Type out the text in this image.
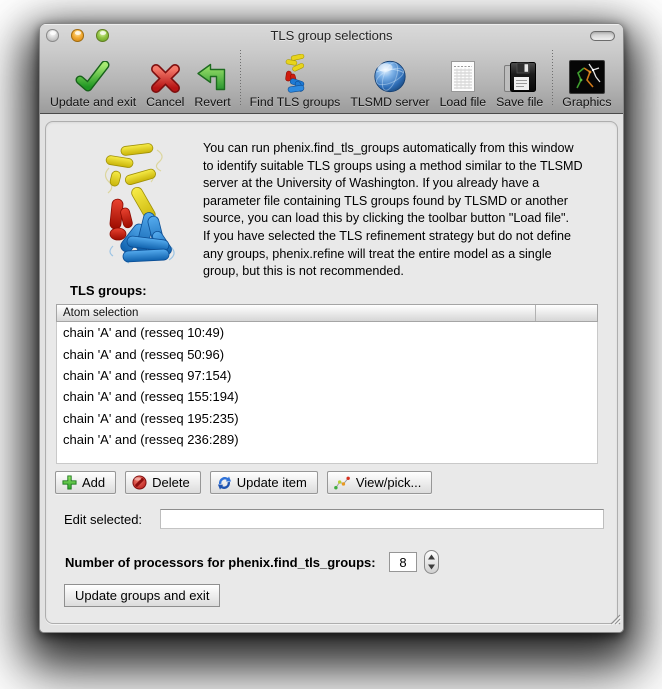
TLS group selections
Update and exit Cancel Revert Find TLS groups TLSMD server Load file Save file Graphics
You can run phenix.find_tls_groups automatically from this window
to identify suitable TLS groups using a method similar to the TLSMD
server at the University of Washington. If you already have a
parameter file containing TLS groups found by TLSMD or another
source, you can load this by clicking the toolbar button "Load file".
If you have selected the TLS refinement strategy but do not define
any groups, phenix.refine will treat the entire model as a single
group, but this is not recommended.
TLS groups:
Atom selection
chain 'A' and (resseq 10:49)
chain 'A' and (resseq 50:96)
chain 'A' and (resseq 97:154)
chain 'A' and (resseq 155:194)
chain 'A' and (resseq 195:235)
chain 'A' and (resseq 236:289)
Add	Delete	Update item	View/pick...
Edit selected:
Number of processors for phenix.find_tls_groups:
8
Update groups and exit
